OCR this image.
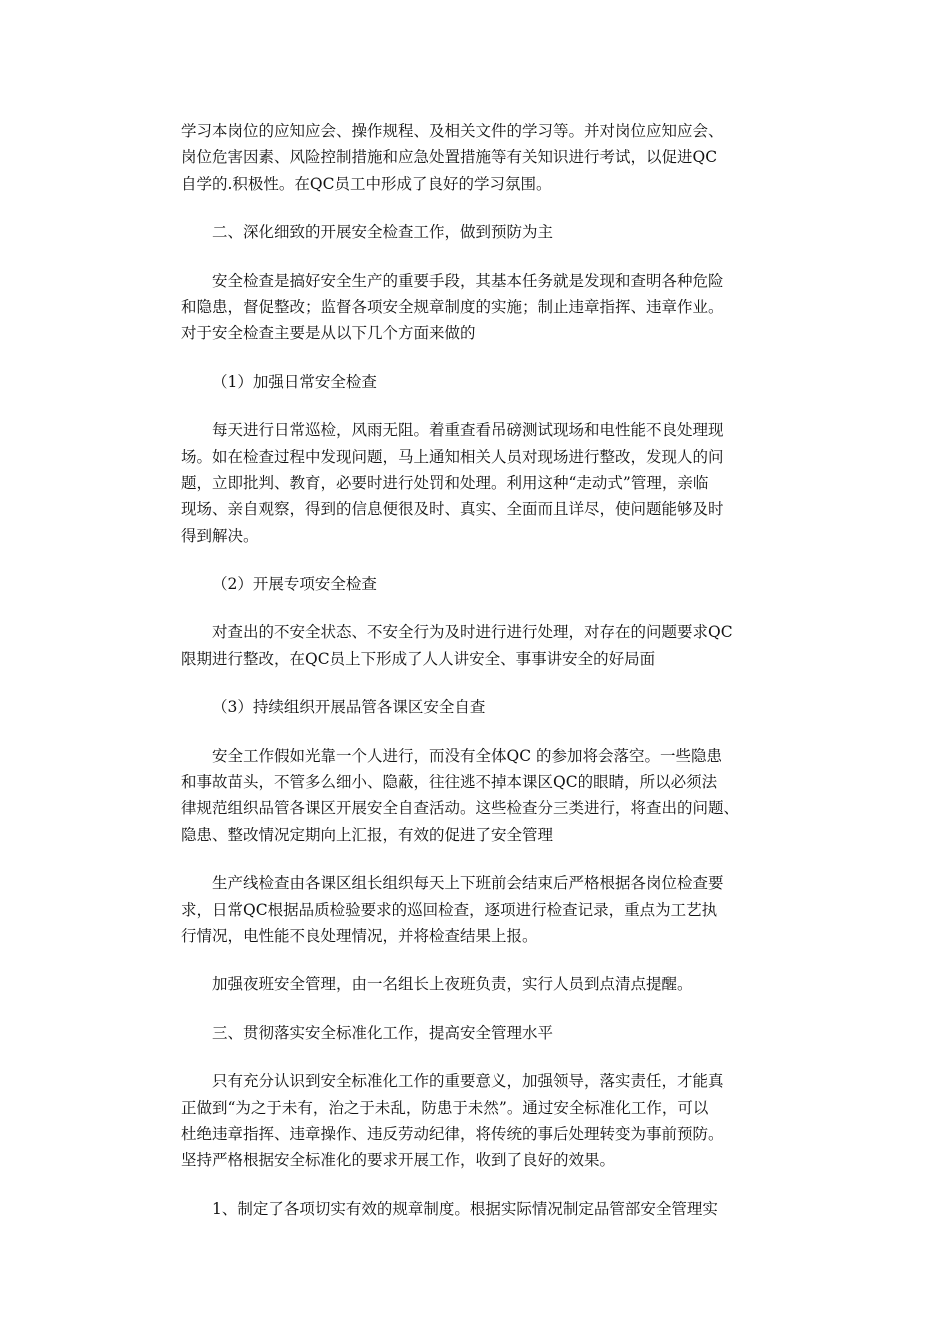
学习本岗位的应知应会、操作规程、及相关文件的学习等。并对岗位应知应会、
岗位危害因素、风险控制措施和应急处置措施等有关知识进行考试，以促进QC
自学的.积极性。在QC员工中形成了良好的学习氛围。

二、深化细致的开展安全检查工作，做到预防为主

安全检查是搞好安全生产的重要手段，其基本任务就是发现和查明各种危险
和隐患，督促整改；监督各项安全规章制度的实施；制止违章指挥、违章作业。
对于安全检查主要是从以下几个方面来做的

（1）加强日常安全检查

每天进行日常巡检，风雨无阻。着重查看吊磅测试现场和电性能不良处理现
场。如在检查过程中发现问题，马上通知相关人员对现场进行整改，发现人的问
题，立即批判、教育，必要时进行处罚和处理。利用这种“走动式”管理，亲临
现场、亲自观察，得到的信息便很及时、真实、全面而且详尽，使问题能够及时
得到解决。

（2）开展专项安全检查

对查出的不安全状态、不安全行为及时进行进行处理，对存在的问题要求QC
限期进行整改，在QC员上下形成了人人讲安全、事事讲安全的好局面

（3）持续组织开展品管各课区安全自查

安全工作假如光靠一个人进行，而没有全体QC 的参加将会落空。一些隐患
和事故苗头，不管多么细小、隐蔽，往往逃不掉本课区QC的眼睛，所以必须法
律规范组织品管各课区开展安全自查活动。这些检查分三类进行，将查出的问题、
隐患、整改情况定期向上汇报，有效的促进了安全管理

生产线检查由各课区组长组织每天上下班前会结束后严格根据各岗位检查要
求，日常QC根据品质检验要求的巡回检查，逐项进行检查记录，重点为工艺执
行情况，电性能不良处理情况，并将检查结果上报。

加强夜班安全管理，由一名组长上夜班负责，实行人员到点清点提醒。

三、贯彻落实安全标准化工作，提高安全管理水平

只有充分认识到安全标准化工作的重要意义，加强领导，落实责任，才能真
正做到“为之于未有，治之于未乱，防患于未然”。通过安全标准化工作，可以
杜绝违章指挥、违章操作、违反劳动纪律，将传统的事后处理转变为事前预防。
坚持严格根据安全标准化的要求开展工作，收到了良好的效果。

1、制定了各项切实有效的规章制度。根据实际情况制定品管部安全管理实
